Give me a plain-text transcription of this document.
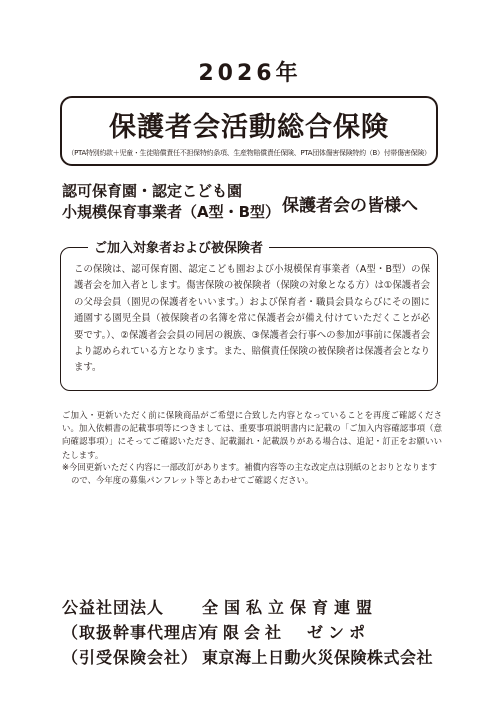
2026年
保護者会活動総合保険
（PTA特別約款＋児童・生徒賠償責任不担保特約条項、生産物賠償責任保険、PTA団体傷害保険特約（B）付帯傷害保険）
認可保育園・認定こども園
小規模保育事業者（A型・B型） 保護者会の皆様へ
ご加入対象者および被保険者
この保険は、認可保育園、認定こども園および小規模保育事業者（A型・B型）の保護者会を加入者とします。傷害保険の被保険者（保険の対象となる方）は①保護者会の父母会員（園児の保護者をいいます。）および保育者・職員会員ならびにその園に通園する園児全員（被保険者の名簿を常に保護者会が備え付けていただくことが必要です。）、②保護者会会員の同居の親族、③保護者会行事への参加が事前に保護者会より認められている方となります。また、賠償責任保険の被保険者は保護者会となります。
ご加入・更新いただく前に保険商品がご希望に合致した内容となっていることを再度ご確認ください。加入依頼書の記載事項等につきましては、重要事項説明書内に記載の「ご加入内容確認事項（意向確認事項）」にそってご確認いただき、記載漏れ・記載誤りがある場合は、追記・訂正をお願いいたします。
※今回更新いただく内容に一部改訂があります。補償内容等の主な改定点は別紙のとおりとなりますので、今年度の募集パンフレット等とあわせてご確認ください。
公益社団法人 全国私立保育連盟
（取扱幹事代理店）有限会社　ゼンポ
（引受保険会社） 東京海上日動火災保険株式会社
